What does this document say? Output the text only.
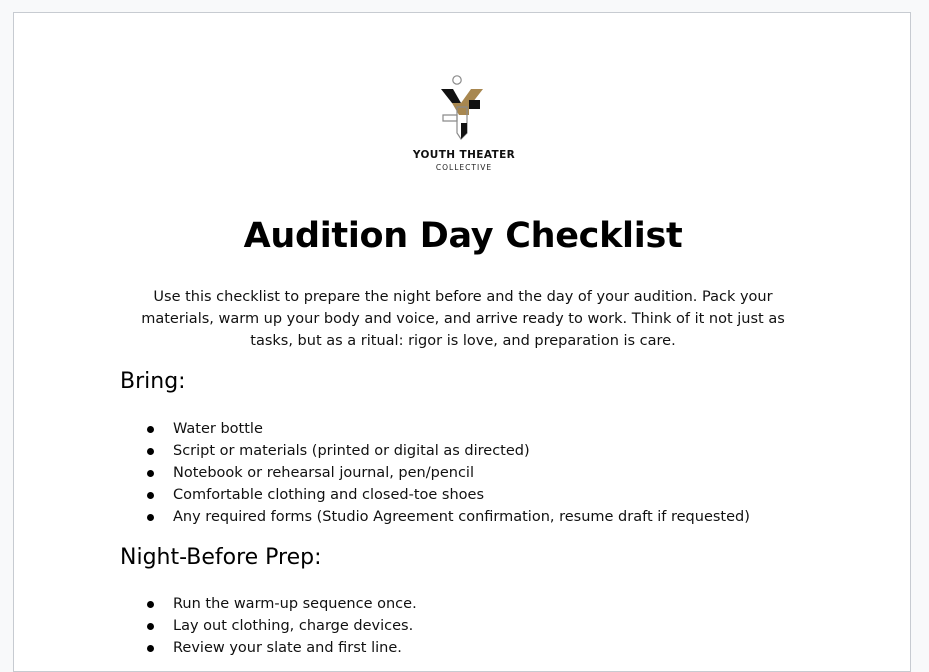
YOUTH THEATER
COLLECTIVE
Audition Day Checklist

Use this checklist to prepare the night before and the day of your audition. Pack your materials, warm up your body and voice, and arrive ready to work. Think of it not just as tasks, but as a ritual: rigor is love, and preparation is care.

Bring:
Water bottle
Script or materials (printed or digital as directed)
Notebook or rehearsal journal, pen/pencil
Comfortable clothing and closed-toe shoes
Any required forms (Studio Agreement confirmation, resume draft if requested)
Night-Before Prep:
Run the warm-up sequence once.
Lay out clothing, charge devices.
Review your slate and first line.
